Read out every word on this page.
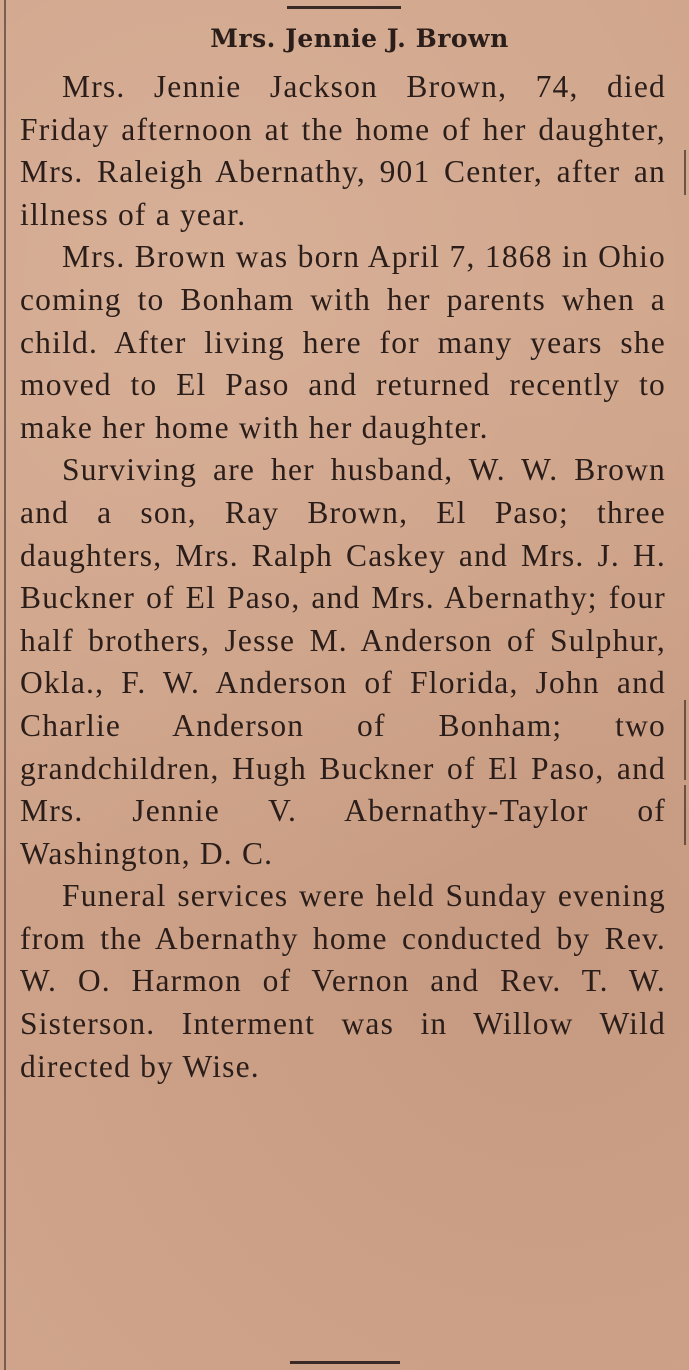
Mrs. Jennie J. Brown

Mrs. Jennie Jackson Brown, 74, died Friday afternoon at the home of her daughter, Mrs. Raleigh Abernathy, 901 Center, after an illness of a year.

Mrs. Brown was born April 7, 1868 in Ohio coming to Bonham with her parents when a child. After living here for many years she moved to El Paso and returned recently to make her home with her daughter.

Surviving are her husband, W. W. Brown and a son, Ray Brown, El Paso; three daughters, Mrs. Ralph Caskey and Mrs. J. H. Buckner of El Paso, and Mrs. Abernathy; four half brothers, Jesse M. Anderson of Sulphur, Okla., F. W. Anderson of Florida, John and Charlie Anderson of Bonham; two grandchildren, Hugh Buckner of El Paso, and Mrs. Jennie V. Abernathy-Taylor of Washington, D. C.

Funeral services were held Sunday evening from the Abernathy home conducted by Rev. W. O. Harmon of Vernon and Rev. T. W. Sisterson. Interment was in Willow Wild directed by Wise.
